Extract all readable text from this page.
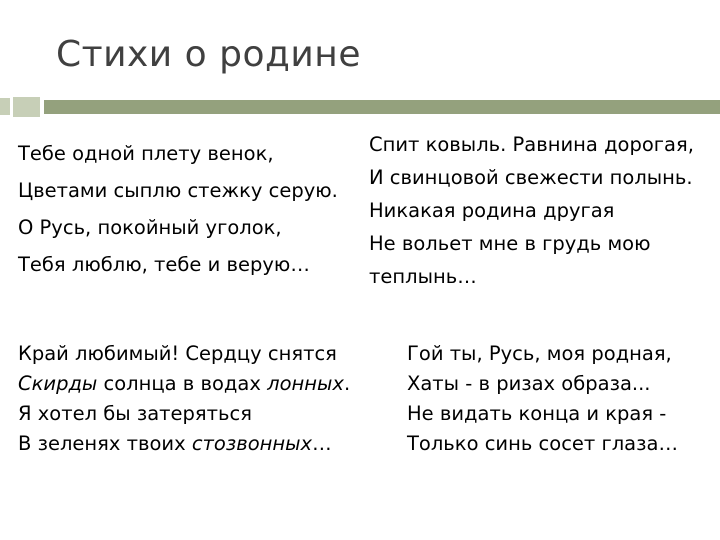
Стихи о родине
Тебе одной плету венок,
Цветами сыплю стежку серую.
О Русь, покойный уголок,
Тебя люблю, тебе и верую…
Спит ковыль. Равнина дорогая,
И свинцовой свежести полынь.
Никакая родина другая
Не вольет мне в грудь мою
теплынь…
Край любимый! Сердцу снятся
Скирды солнца в водах лонных.
Я хотел бы затеряться
В зеленях твоих стозвонных…
Гой ты, Русь, моя родная,
Хаты - в ризах образа...
Не видать конца и края -
Только синь сосет глаза…
